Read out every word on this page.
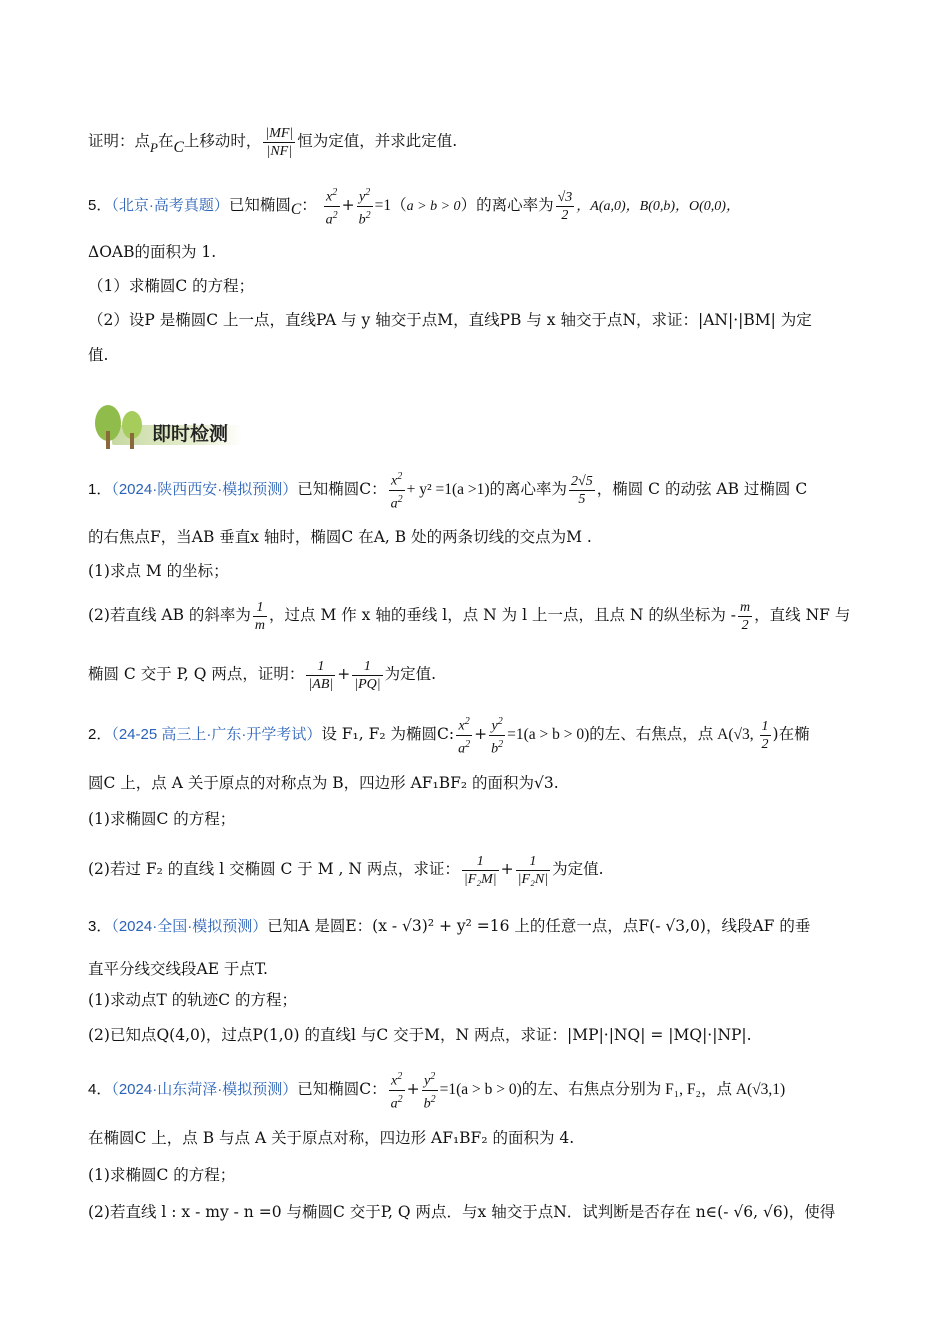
证明：点$_P$在C上移动时， $\frac{|MF|}{|NF|}$ 恒为定值，并求此定值.
5．（北京·高考真题）已知椭圆C： $\frac{x^2}{a^2} + \frac{y^2}{b^2} =1(a > b > 0)$的离心率为 $\frac{√3}{2}$ ，A(a,0)，B(0,b)，O(0,0)，
ΔOAB的面积为 1.
（1）求椭圆C 的方程；
（2）设P 是椭圆C 上一点，直线PA 与 y 轴交于点M，直线PB 与 x 轴交于点N，求证：|AN|·|BM| 为定
值.
即时检测
1．（2024·陕西西安·模拟预测）已知椭圆C： $\frac{x^2}{a^2} + y^2 =1(a >1)$的离心率为 $\frac{2√5}{5}$ ，椭圆 C 的动弦 AB 过椭圆 C
的右焦点F，当AB 垂直x 轴时，椭圆C 在A, B 处的两条切线的交点为M .
(1)求点 M 的坐标；
(2)若直线 AB 的斜率为 $\frac{1}{m}$ ，过点 M 作 x 轴的垂线 l，点 N 为 l 上一点，且点 N 的纵坐标为 - $\frac{m}{2}$ ，直线 NF 与
椭圆 C 交于 P, Q 两点，证明： $\frac{1}{|AB|} + \frac{1}{|PQ|}$ 为定值.
2．（24-25 高三上·广东·开学考试）设 F₁, F₂ 为椭圆C: $\frac{x^2}{a^2} + \frac{y^2}{b^2} =1(a > b > 0)$的左、右焦点，点 A(√3, $\frac{1}{2}$ )在椭
圆C 上，点 A 关于原点的对称点为 B，四边形 AF₁BF₂ 的面积为√3.
(1)求椭圆C 的方程；
(2)若过 F₂ 的直线 l 交椭圆 C 于 M , N 两点，求证： $\frac{1}{\text{|F₂M|}} + \frac{1}{\text{|F₂N|}}$ 为定值.
3．（2024·全国·模拟预测）已知A 是圆E：(x - √3)² + y² =16 上的任意一点，点F(- √3,0)，线段AF 的垂
直平分线交线段AE 于点T.
(1)求动点T 的轨迹C 的方程；
(2)已知点Q(4,0)，过点P(1,0) 的直线l 与C 交于M，N 两点，求证：|MP|·|NQ| = |MQ|·|NP|.
4．（2024·山东菏泽·模拟预测）已知椭圆C： $\frac{x^2}{a^2} + \frac{y^2}{b^2} =1(a > b > 0)$的左、右焦点分别为 F₁, F₂，点 A(√3,1)
在椭圆C 上，点 B 与点 A 关于原点对称，四边形 AF₁BF₂ 的面积为 4.
(1)求椭圆C 的方程；
(2)若直线 l : x - my - n =0 与椭圆C 交于P, Q 两点．与x 轴交于点N．试判断是否存在 n∈(- √6, √6)，使得
